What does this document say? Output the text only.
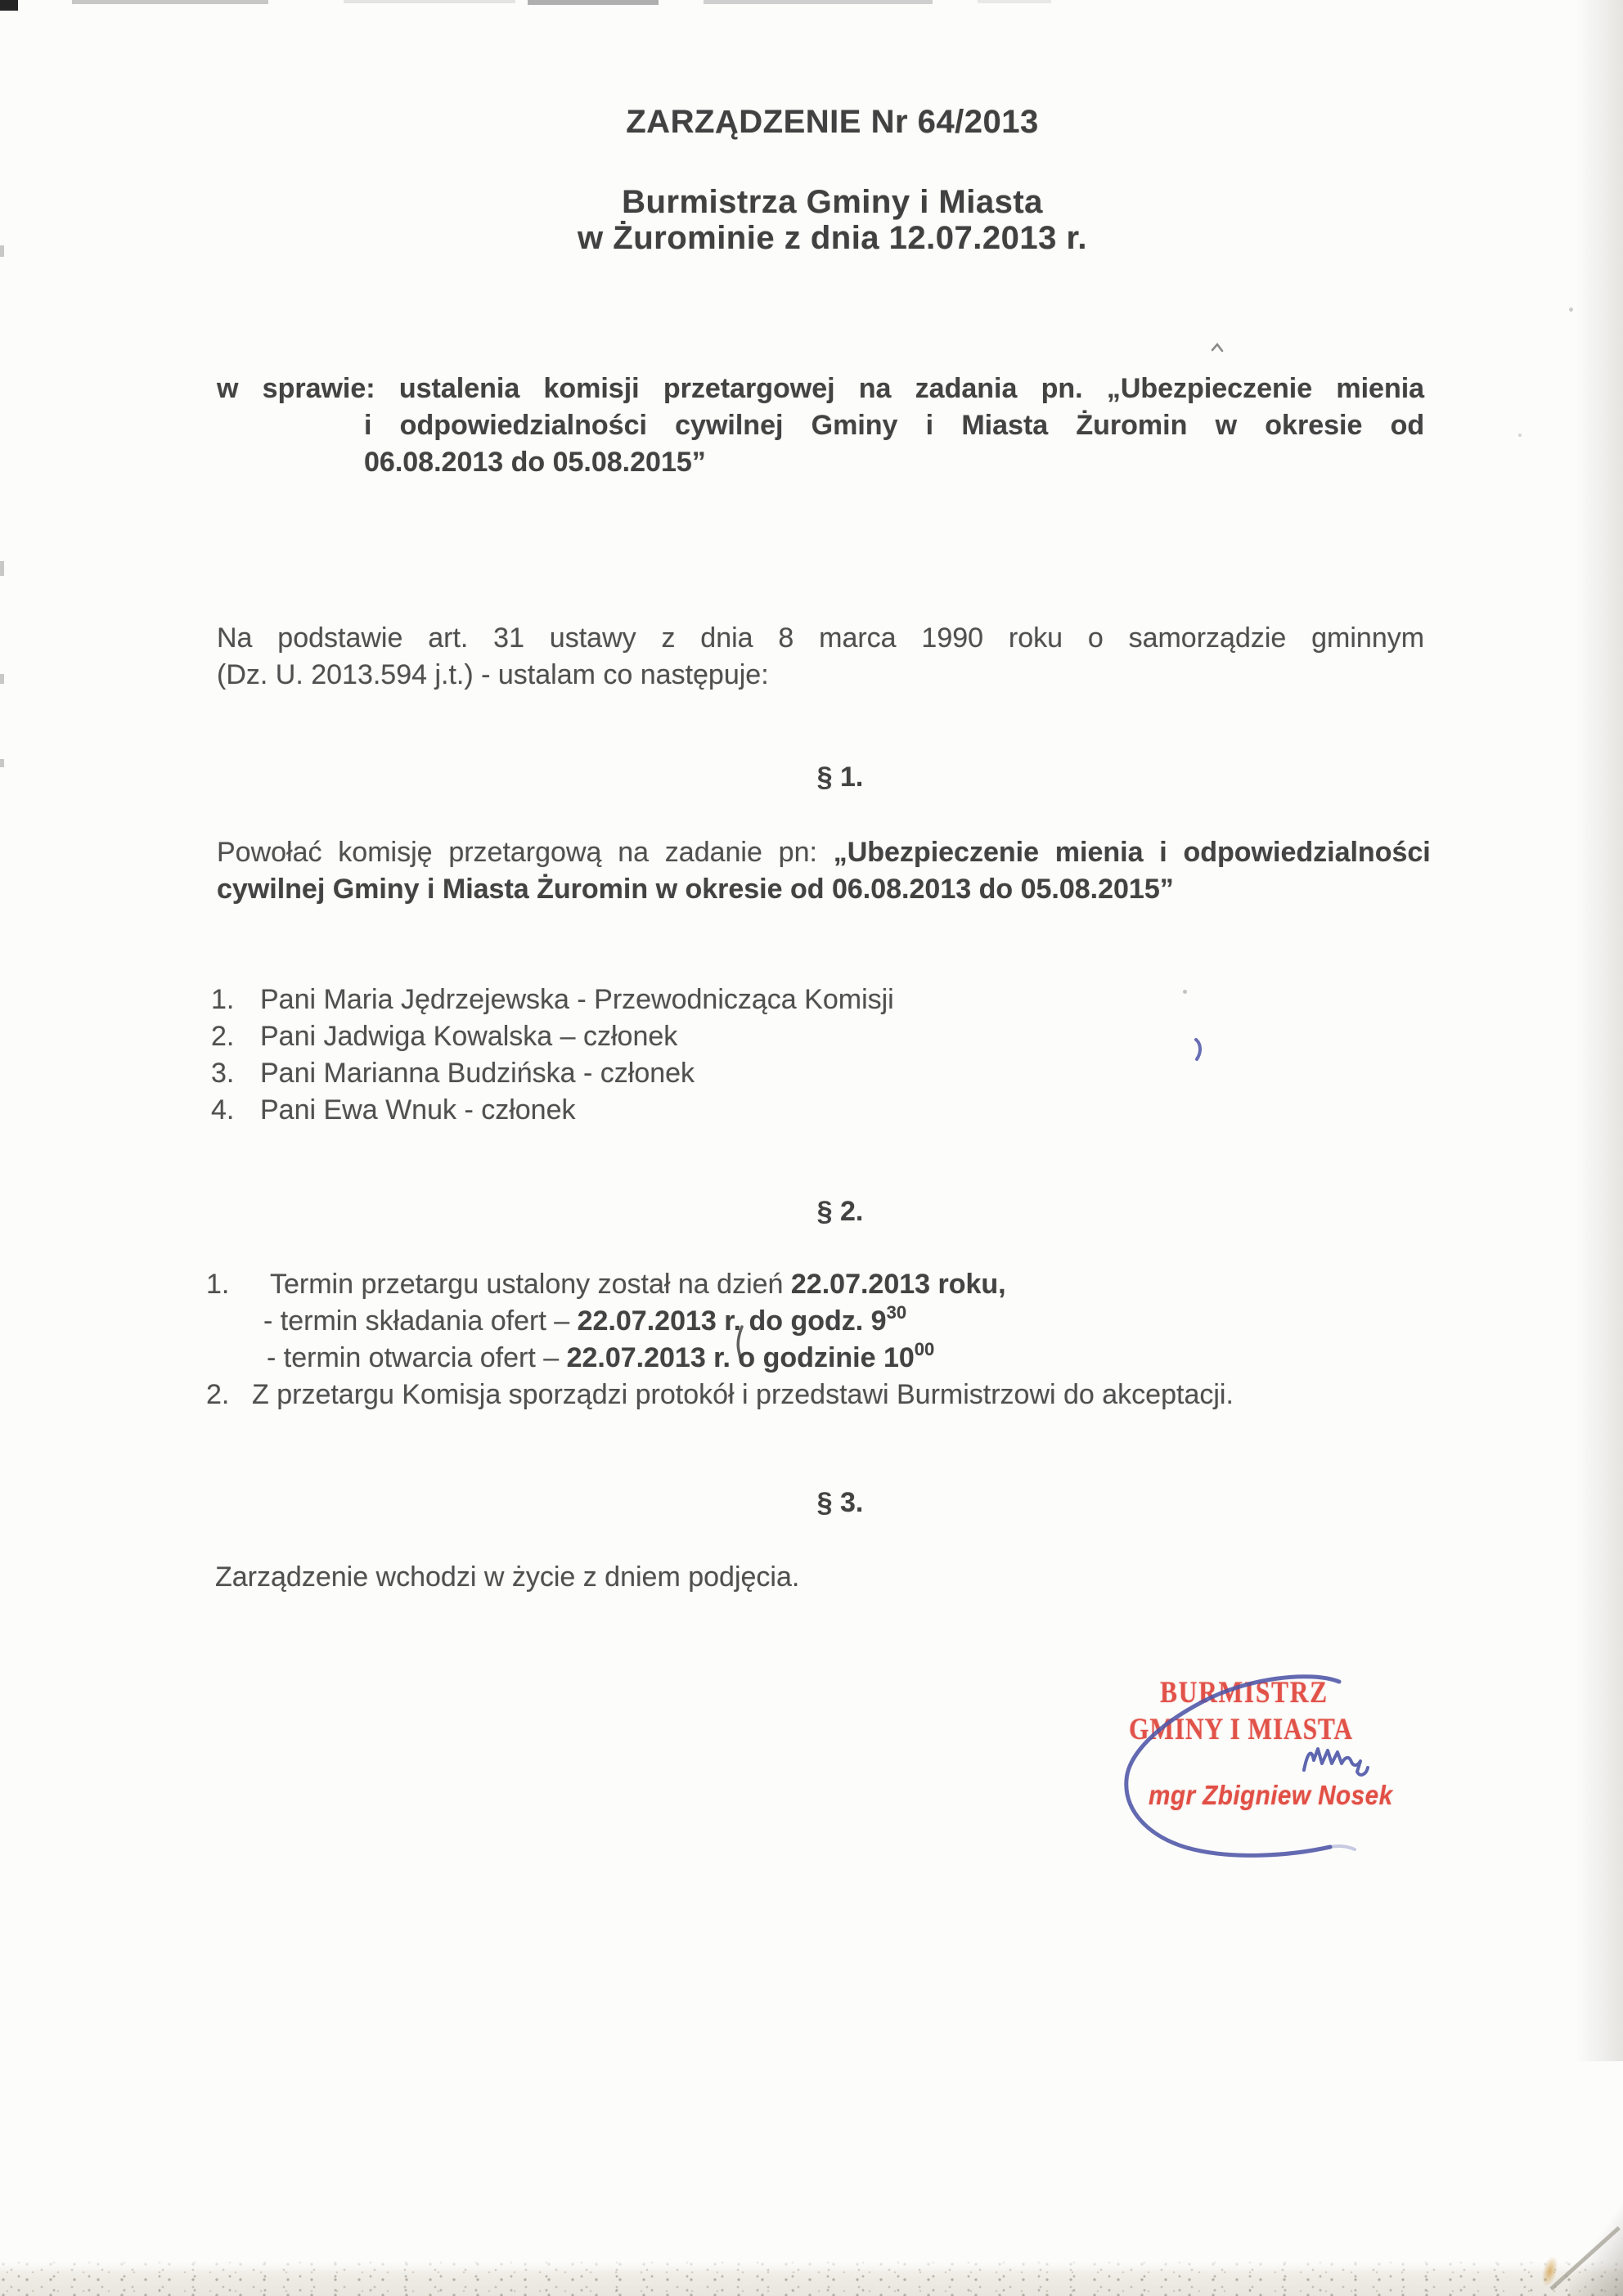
ZARZĄDZENIE Nr 64/2013
Burmistrza Gminy i Miasta
w Żurominie z dnia 12.07.2013 r.
w sprawie: ustalenia komisji przetargowej na zadania pn. „Ubezpieczenie mienia
i odpowiedzialności cywilnej Gminy i Miasta Żuromin w okresie od
06.08.2013 do 05.08.2015”
Na podstawie art. 31 ustawy z dnia 8 marca 1990 roku o samorządzie gminnym
(Dz. U. 2013.594 j.t.) - ustalam co następuje:
§ 1.
Powołać komisję przetargową na zadanie pn: „Ubezpieczenie mienia i odpowiedzialności
cywilnej Gminy i Miasta Żuromin w okresie od 06.08.2013 do 05.08.2015”
1. Pani Maria Jędrzejewska - Przewodnicząca Komisji
2. Pani Jadwiga Kowalska – członek
3. Pani Marianna Budzińska - członek
4. Pani Ewa Wnuk - członek
§ 2.
1. Termin przetargu ustalony został na dzień 22.07.2013 roku,
- termin składania ofert – 22.07.2013 r. do godz. 930
- termin otwarcia ofert – 22.07.2013 r. o godzinie 1000
2. Z przetargu Komisja sporządzi protokół i przedstawi Burmistrzowi do akceptacji.
§ 3.
Zarządzenie wchodzi w życie z dniem podjęcia.
BURMISTRZ
GMINY I MIASTA
mgr Zbigniew Nosek
